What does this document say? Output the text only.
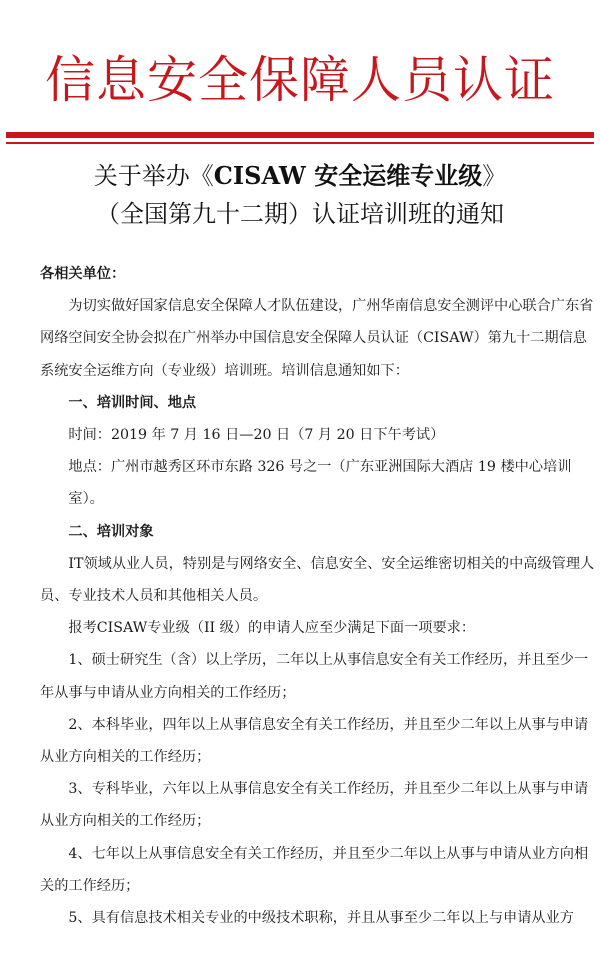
信息安全保障人员认证
关于举办《CISAW 安全运维专业级》
（全国第九十二期）认证培训班的通知

各相关单位：

为切实做好国家信息安全保障人才队伍建设，广州华南信息安全测评中心联合广东省网络空间安全协会拟在广州举办中国信息安全保障人员认证（CISAW）第九十二期信息系统安全运维方向（专业级）培训班。培训信息通知如下：

一、培训时间、地点

时间：2019 年 7 月 16 日—20 日（7 月 20 日下午考试）

地点：广州市越秀区环市东路 326 号之一（广东亚洲国际大酒店 19 楼中心培训室）。

二、培训对象

IT领域从业人员，特别是与网络安全、信息安全、安全运维密切相关的中高级管理人员、专业技术人员和其他相关人员。

报考CISAW专业级（II 级）的申请人应至少满足下面一项要求：

1、硕士研究生（含）以上学历，二年以上从事信息安全有关工作经历，并且至少一年从事与申请从业方向相关的工作经历；

2、本科毕业，四年以上从事信息安全有关工作经历，并且至少二年以上从事与申请从业方向相关的工作经历；

3、专科毕业，六年以上从事信息安全有关工作经历，并且至少二年以上从事与申请从业方向相关的工作经历；

4、七年以上从事信息安全有关工作经历，并且至少二年以上从事与申请从业方向相关的工作经历；

5、具有信息技术相关专业的中级技术职称，并且从事至少二年以上与申请从业方
